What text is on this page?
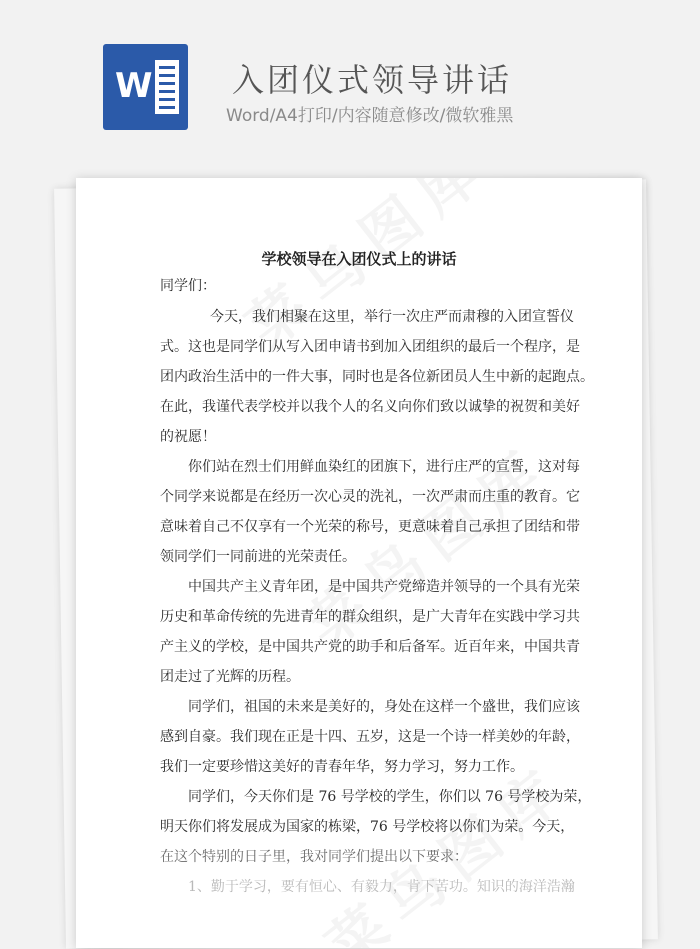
W 入团仪式领导讲话
Word/A4打印/内容随意修改/微软雅黑
学校领导在入团仪式上的讲话
同学们：
今天，我们相聚在这里，举行一次庄严而肃穆的入团宣誓仪
式。这也是同学们从写入团申请书到加入团组织的最后一个程序，是
团内政治生活中的一件大事，同时也是各位新团员人生中新的起跑点。
在此，我谨代表学校并以我个人的名义向你们致以诚挚的祝贺和美好
的祝愿！
你们站在烈士们用鲜血染红的团旗下，进行庄严的宣誓，这对每
个同学来说都是在经历一次心灵的洗礼，一次严肃而庄重的教育。它
意味着自己不仅享有一个光荣的称号，更意味着自己承担了团结和带
领同学们一同前进的光荣责任。
中国共产主义青年团，是中国共产党缔造并领导的一个具有光荣
历史和革命传统的先进青年的群众组织，是广大青年在实践中学习共
产主义的学校，是中国共产党的助手和后备军。近百年来，中国共青
团走过了光辉的历程。
同学们，祖国的未来是美好的，身处在这样一个盛世，我们应该
感到自豪。我们现在正是十四、五岁，这是一个诗一样美妙的年龄，
我们一定要珍惜这美好的青春年华，努力学习，努力工作。
同学们，今天你们是 76 号学校的学生，你们以 76 号学校为荣，
明天你们将发展成为国家的栋梁，76 号学校将以你们为荣。今天，
在这个特别的日子里，我对同学们提出以下要求：
1、勤于学习，要有恒心、有毅力，肯下苦功。知识的海洋浩瀚
